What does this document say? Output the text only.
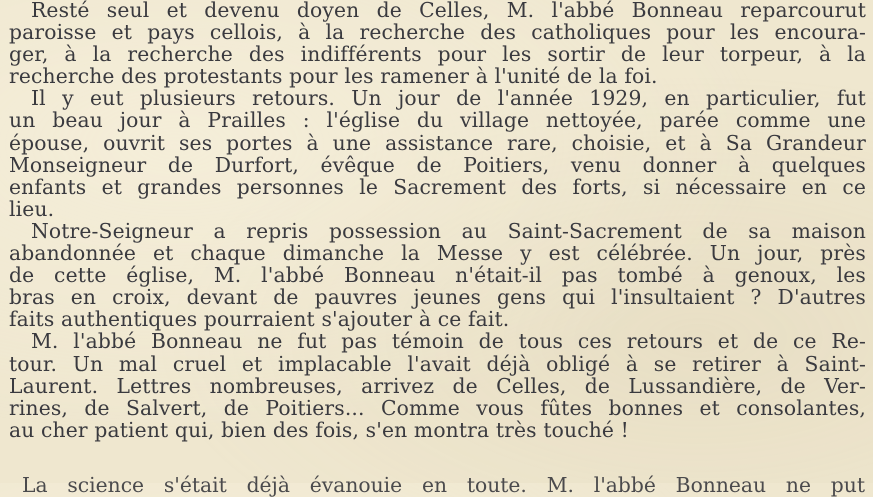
Resté seul et devenu doyen de Celles, M. l'abbé Bonneau reparcourut
paroisse et pays cellois, à la recherche des catholiques pour les encoura-
ger, à la recherche des indifférents pour les sortir de leur torpeur, à la
recherche des protestants pour les ramener à l'unité de la foi.
Il y eut plusieurs retours. Un jour de l'année 1929, en particulier, fut
un beau jour à Prailles : l'église du village nettoyée, parée comme une
épouse, ouvrit ses portes à une assistance rare, choisie, et à Sa Grandeur
Monseigneur de Durfort, évêque de Poitiers, venu donner à quelques
enfants et grandes personnes le Sacrement des forts, si nécessaire en ce
lieu.
Notre-Seigneur a repris possession au Saint-Sacrement de sa maison
abandonnée et chaque dimanche la Messe y est célébrée. Un jour, près
de cette église, M. l'abbé Bonneau n'était-il pas tombé à genoux, les
bras en croix, devant de pauvres jeunes gens qui l'insultaient ? D'autres
faits authentiques pourraient s'ajouter à ce fait.
M. l'abbé Bonneau ne fut pas témoin de tous ces retours et de ce Re-
tour. Un mal cruel et implacable l'avait déjà obligé à se retirer à Saint-
Laurent. Lettres nombreuses, arrivez de Celles, de Lussandière, de Ver-
rines, de Salvert, de Poitiers... Comme vous fûtes bonnes et consolantes,
au cher patient qui, bien des fois, s'en montra très touché !
La science s'était déjà évanouie en toute. M. l'abbé Bonneau ne put
